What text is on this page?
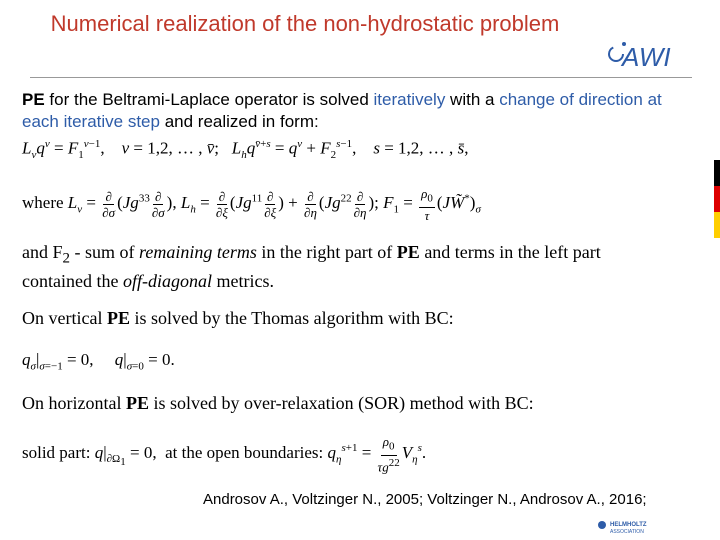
Numerical realization of the non-hydrostatic problem
AWI
PE for the Beltrami-Laplace operator is solved iteratively with a change of direction at each iterative step and realized in form:
$L_vq^v = F_1^{v-1}$,    v = 1,2, … , v̄;   $L_hq^{v̄+s} = q^v + F_2^{s-1}$,    s = 1,2, … , s̄,
where $L_v = \frac{\partial}{\partial\sigma} (Jg^{33} \frac{\partial}{\partial\sigma}$ ), $L_h = \frac{\partial}{\partial\xi} (Jg^{11} \frac{\partial}{\partial\xi}$ ) + $\frac{\partial}{\partial\eta} (Jg^{22} \frac{\partial}{\partial\eta}$ ); $F_1 = \frac{\rho_0}{\tau}$ $(JW̃^*)_\sigma$
and $F_2$ - sum of remaining terms in the right part of PE and terms in the left part contained the off-diagonal metrics.
On vertical PE is solved by the Thomas algorithm with BC:
$q_\sigma|_{\sigma=-1} = 0$,     $q|_{\sigma=0} = 0$.
On horizontal PE is solved by over-relaxation (SOR) method with BC:
solid part: $q|_{\partial\Omega_1} = 0$,  at the open boundaries: $q_\eta^{s+1} = \frac{\rho_0}{\tau g^{22}} V_\eta^s$.
Androsov A., Voltzinger N., 2005; Voltzinger N., Androsov A., 2016;
HELMHOLTZ
ASSOCIATION
